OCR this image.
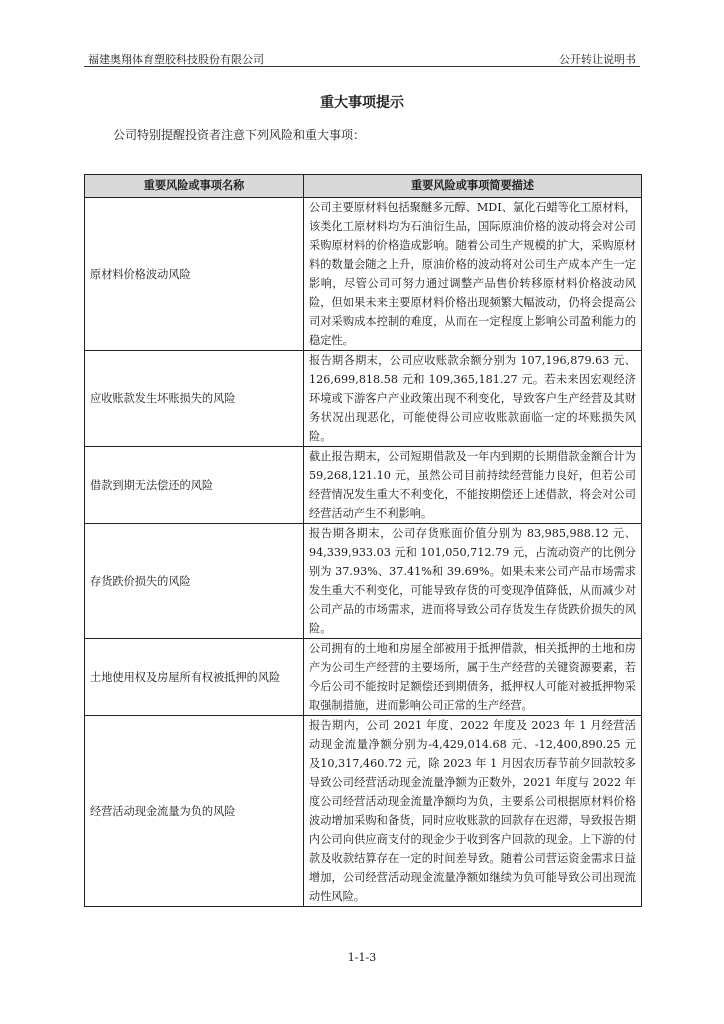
福建奥翔体育塑胶科技股份有限公司	公开转让说明书
重大事项提示
公司特别提醒投资者注意下列风险和重大事项：
重要风险或事项名称	重要风险或事项简要描述
原材料价格波动风险	公司主要原材料包括聚醚多元醇、MDI、氯化石蜡等化工原材料，该类化工原材料均为石油衍生品，国际原油价格的波动将会对公司采购原材料的价格造成影响。随着公司生产规模的扩大，采购原材料的数量会随之上升，原油价格的波动将对公司生产成本产生一定影响，尽管公司可努力通过调整产品售价转移原材料价格波动风险，但如果未来主要原材料价格出现频繁大幅波动，仍将会提高公司对采购成本控制的难度，从而在一定程度上影响公司盈利能力的稳定性。
应收账款发生坏账损失的风险	报告期各期末，公司应收账款余额分别为 107,196,879.63 元、126,699,818.58 元和 109,365,181.27 元。若未来因宏观经济环境或下游客户产业政策出现不利变化，导致客户生产经营及其财务状况出现恶化，可能使得公司应收账款面临一定的坏账损失风险。
借款到期无法偿还的风险	截止报告期末，公司短期借款及一年内到期的长期借款金额合计为 59,268,121.10 元，虽然公司目前持续经营能力良好，但若公司经营情况发生重大不利变化，不能按期偿还上述借款，将会对公司经营活动产生不利影响。
存货跌价损失的风险	报告期各期末，公司存货账面价值分别为 83,985,988.12 元、94,339,933.03 元和 101,050,712.79 元，占流动资产的比例分别为 37.93%、37.41%和 39.69%。如果未来公司产品市场需求发生重大不利变化，可能导致存货的可变现净值降低，从而减少对公司产品的市场需求，进而将导致公司存货发生存货跌价损失的风险。
土地使用权及房屋所有权被抵押的风险	公司拥有的土地和房屋全部被用于抵押借款，相关抵押的土地和房产为公司生产经营的主要场所，属于生产经营的关键资源要素，若今后公司不能按时足额偿还到期债务，抵押权人可能对被抵押物采取强制措施，进而影响公司正常的生产经营。
经营活动现金流量为负的风险	报告期内，公司 2021 年度、2022 年度及 2023 年 1 月经营活动现金流量净额分别为-4,429,014.68 元、-12,400,890.25 元及10,317,460.72 元，除 2023 年 1 月因农历春节前夕回款较多导致公司经营活动现金流量净额为正数外，2021 年度与 2022 年度公司经营活动现金流量净额均为负，主要系公司根据原材料价格波动增加采购和备货，同时应收账款的回款存在迟滞，导致报告期内公司向供应商支付的现金少于收到客户回款的现金。上下游的付款及收款结算存在一定的时间差导致。随着公司营运资金需求日益增加，公司经营活动现金流量净额如继续为负可能导致公司出现流动性风险。
1-1-3
